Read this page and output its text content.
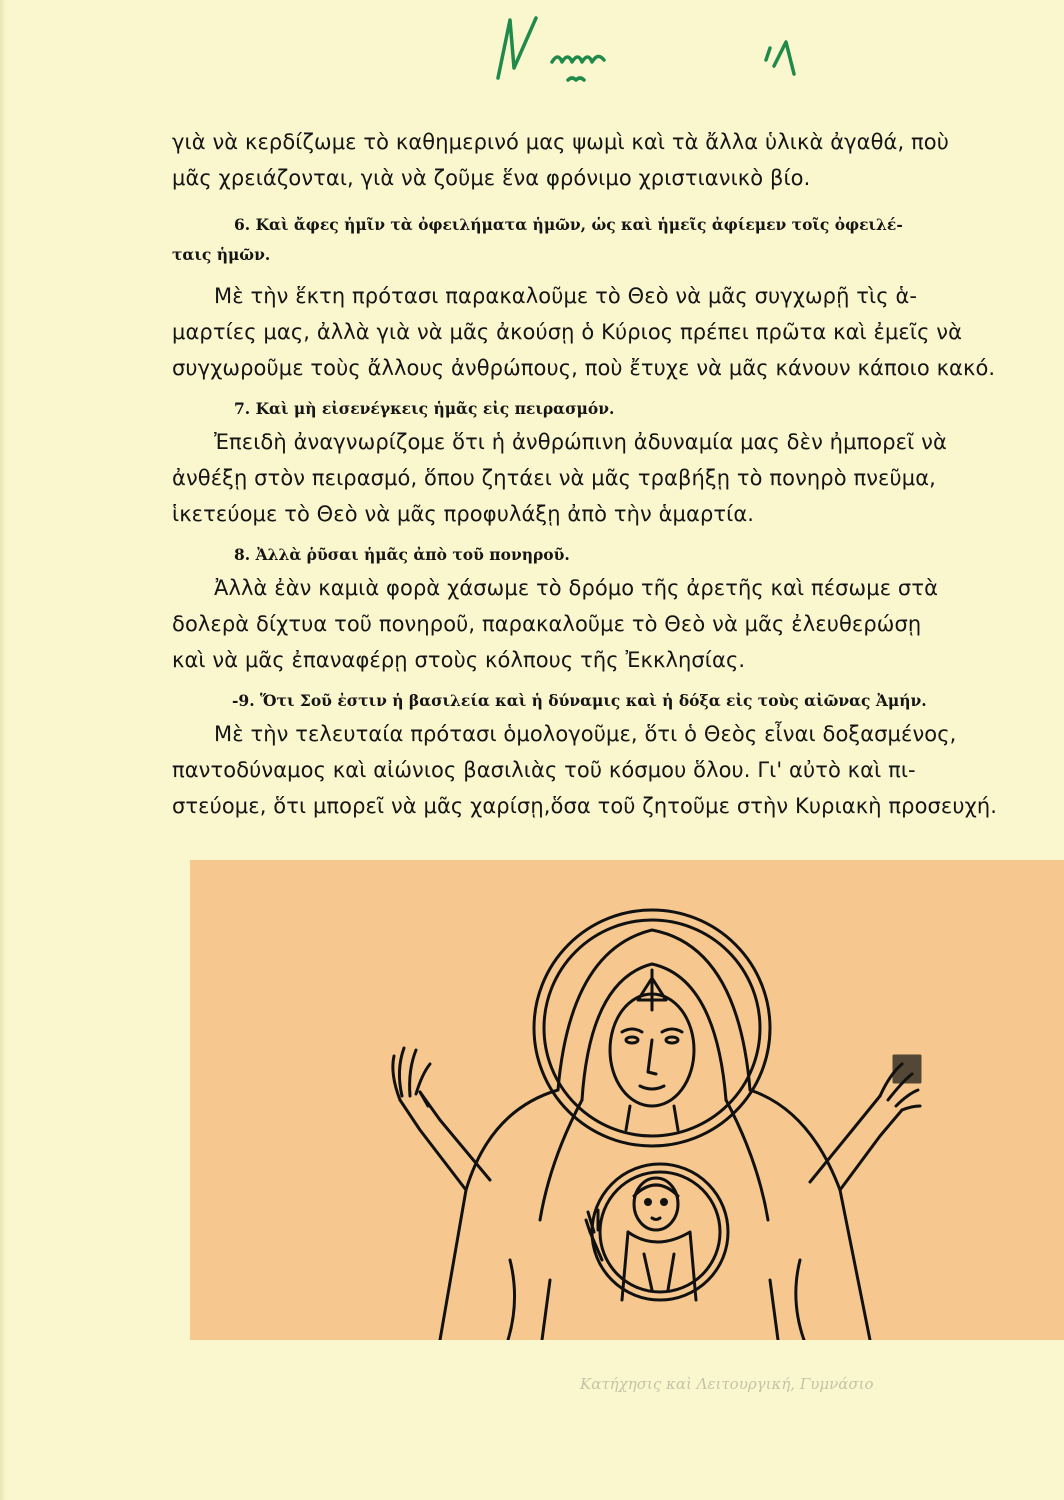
γιὰ νὰ κερδίζωμε τὸ καθημερινό μας ψωμὶ καὶ τὰ ἄλλα ὑλικὰ ἀγαθά, ποὺ
μᾶς χρειάζονται, γιὰ νὰ ζοῦμε ἕνα φρόνιμο χριστιανικὸ βίο.
6. Καὶ ἄφες ἡμῖν τὰ ὀφειλήματα ἡμῶν, ὡς καὶ ἡμεῖς ἀφίεμεν τοῖς ὀφειλέ-
ταις ἡμῶν.
Μὲ τὴν ἕκτη πρότασι παρακαλοῦμε τὸ Θεὸ νὰ μᾶς συγχωρῇ τὶς ἁ-
μαρτίες μας, ἀλλὰ γιὰ νὰ μᾶς ἀκούσῃ ὁ Κύριος πρέπει πρῶτα καὶ ἐμεῖς νὰ
συγχωροῦμε τοὺς ἄλλους ἀνθρώπους, ποὺ ἔτυχε νὰ μᾶς κάνουν κάποιο κακό.
7. Καὶ μὴ εἰσενέγκεις ἡμᾶς εἰς πειρασμόν.
Ἐπειδὴ ἀναγνωρίζομε ὅτι ἡ ἀνθρώπινη ἀδυναμία μας δὲν ἠμπορεῖ νὰ
ἀνθέξῃ στὸν πειρασμό, ὅπου ζητάει νὰ μᾶς τραβήξῃ τὸ πονηρὸ πνεῦμα,
ἱκετεύομε τὸ Θεὸ νὰ μᾶς προφυλάξῃ ἀπὸ τὴν ἁμαρτία.
8. Ἀλλὰ ῥῦσαι ἡμᾶς ἀπὸ τοῦ πονηροῦ.
Ἀλλὰ ἐὰν καμιὰ φορὰ χάσωμε τὸ δρόμο τῆς ἀρετῆς καὶ πέσωμε στὰ
δολερὰ δίχτυα τοῦ πονηροῦ, παρακαλοῦμε τὸ Θεὸ νὰ μᾶς ἐλευθερώσῃ
καὶ νὰ μᾶς ἐπαναφέρῃ στοὺς κόλπους τῆς Ἐκκλησίας.
-9. Ὅτι Σοῦ ἐστιν ἡ βασιλεία καὶ ἡ δύναμις καὶ ἡ δόξα εἰς τοὺς αἰῶνας Ἀμήν.
Μὲ τὴν τελευταία πρότασι ὁμολογοῦμε, ὅτι ὁ Θεὸς εἶναι δοξασμένος,
παντοδύναμος καὶ αἰώνιος βασιλιὰς τοῦ κόσμου ὅλου. Γι' αὐτὸ καὶ πι-
στεύομε, ὅτι μπορεῖ νὰ μᾶς χαρίσῃ,ὅσα τοῦ ζητοῦμε στὴν Κυριακὴ προσευχή.
Κατήχησις καὶ Λειτουργική, Γυμνάσιο
